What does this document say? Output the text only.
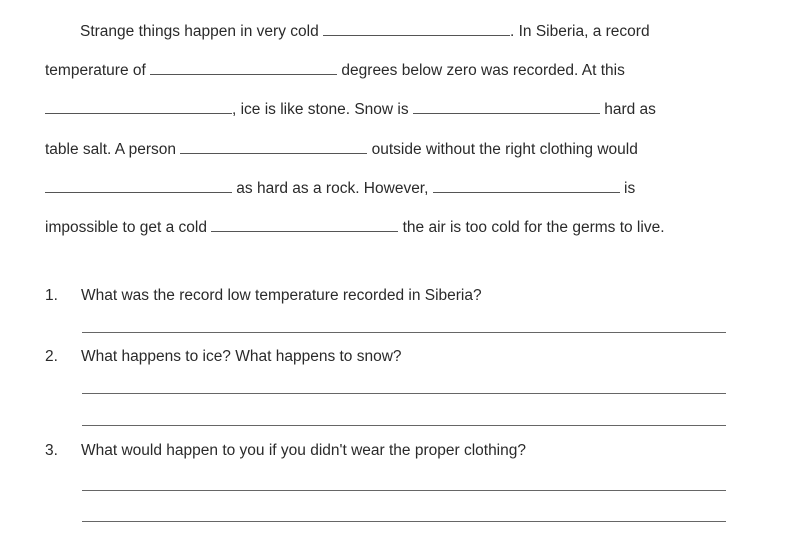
Strange things happen in very cold	. In Siberia, a record
temperature of	degrees below zero was recorded. At this
, ice is like stone. Snow is	hard as
table salt. A person	outside without the right clothing would
as hard as a rock. However,	is
impossible to get a cold	the air is too cold for the germs to live.
1. What was the record low temperature recorded in Siberia?
2. What happens to ice? What happens to snow?
3. What would happen to you if you didn't wear the proper clothing?
